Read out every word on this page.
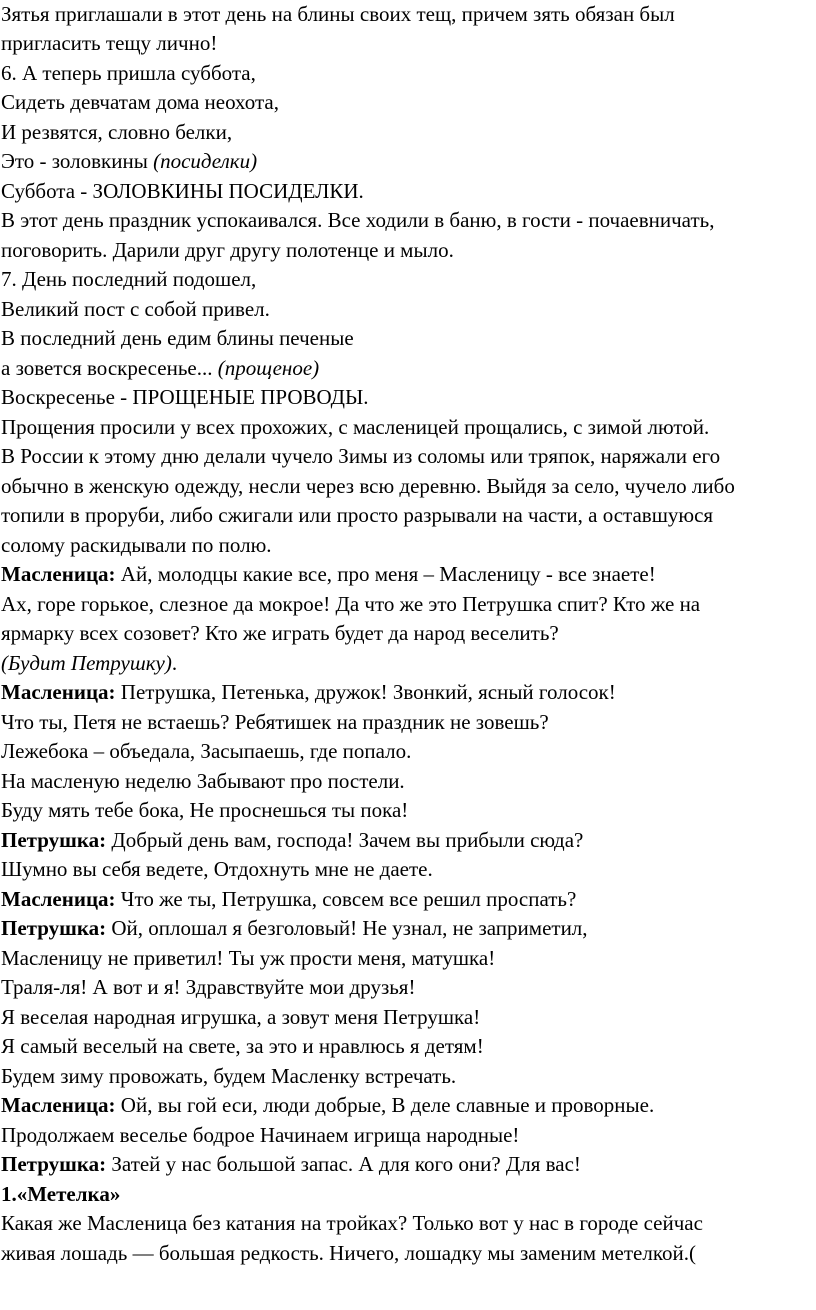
Зятья приглашали в этот день на блины своих тещ, причем зять обязан был

пригласить тещу лично!

6. А теперь пришла суббота,

Сидеть девчатам дома неохота,

И резвятся, словно белки,

Это - золовкины (посиделки)

Суббота - ЗОЛОВКИНЫ ПОСИДЕЛКИ.

В этот день праздник успокаивался. Все ходили в баню, в гости - почаевничать,

поговорить. Дарили друг другу полотенце и мыло.

7. День последний подошел,

Великий пост с собой привел.

В последний день едим блины печеные

а зовется воскресенье... (прощеное)

Воскресенье - ПРОЩЕНЫЕ ПРОВОДЫ.

Прощения просили у всех прохожих, с масленицей прощались, с зимой лютой.

В России к этому дню делали чучело Зимы из соломы или тряпок, наряжали его

обычно в женскую одежду, несли через всю деревню. Выйдя за село, чучело либо

топили в проруби, либо сжигали или просто разрывали на части, а оставшуюся

солому раскидывали по полю.

Масленица: Ай, молодцы какие все, про меня – Масленицу - все знаете!

Ах, горе горькое, слезное да мокрое! Да что же это Петрушка спит? Кто же на

ярмарку всех созовет? Кто же играть будет да народ веселить?

(Будит Петрушку).

Масленица: Петрушка, Петенька, дружок! Звонкий, ясный голосок!

Что ты, Петя не встаешь? Ребятишек на праздник не зовешь?

Лежебока – объедала, Засыпаешь, где попало.

На масленую неделю Забывают про постели.

Буду мять тебе бока, Не проснешься ты пока!

Петрушка: Добрый день вам, господа! Зачем вы прибыли сюда?

Шумно вы себя ведете, Отдохнуть мне не даете.

Масленица: Что же ты, Петрушка, совсем все решил проспать?

Петрушка: Ой, оплошал я безголовый! Не узнал, не заприметил,

Масленицу не приветил! Ты уж прости меня, матушка!

Траля-ля! А вот и я! Здравствуйте мои друзья!

Я веселая народная игрушка, а зовут меня Петрушка!

Я самый веселый на свете, за это и нравлюсь я детям!

Будем зиму провожать, будем Масленку встречать.

Масленица: Ой, вы гой еси, люди добрые, В деле славные и проворные.

Продолжаем веселье бодрое Начинаем игрища народные!

Петрушка: Затей у нас большой запас. А для кого они? Для вас!

1.«Метелка»

Какая же Масленица без катания на тройках? Только вот у нас в городе сейчас

живая лошадь — большая редкость. Ничего, лошадку мы заменим метелкой.(
